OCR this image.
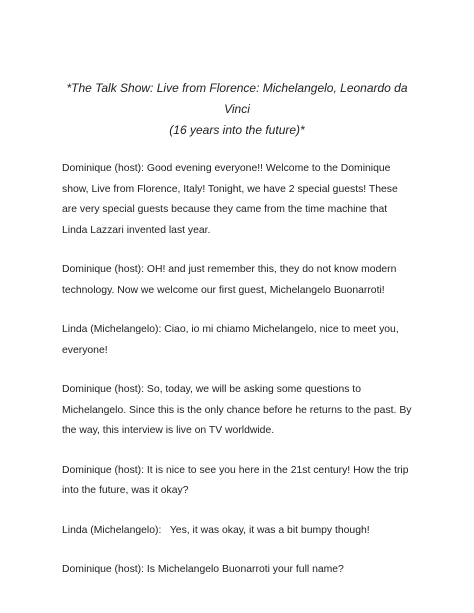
*The Talk Show: Live from Florence: Michelangelo, Leonardo da Vinci
(16 years into the future)*

Dominique (host): Good evening everyone!! Welcome to the Dominique show, Live from Florence, Italy! Tonight, we have 2 special guests! These are very special guests because they came from the time machine that Linda Lazzari invented last year.

Dominique (host): OH! and just remember this, they do not know modern technology. Now we welcome our first guest, Michelangelo Buonarroti!

Linda (Michelangelo): Ciao, io mi chiamo Michelangelo, nice to meet you, everyone!

Dominique (host): So, today, we will be asking some questions to Michelangelo. Since this is the only chance before he returns to the past. By the way, this interview is live on TV worldwide.

Dominique (host): It is nice to see you here in the 21st century! How the trip into the future, was it okay?

Linda (Michelangelo):   Yes, it was okay, it was a bit bumpy though!

Dominique (host): Is Michelangelo Buonarroti your full name?
